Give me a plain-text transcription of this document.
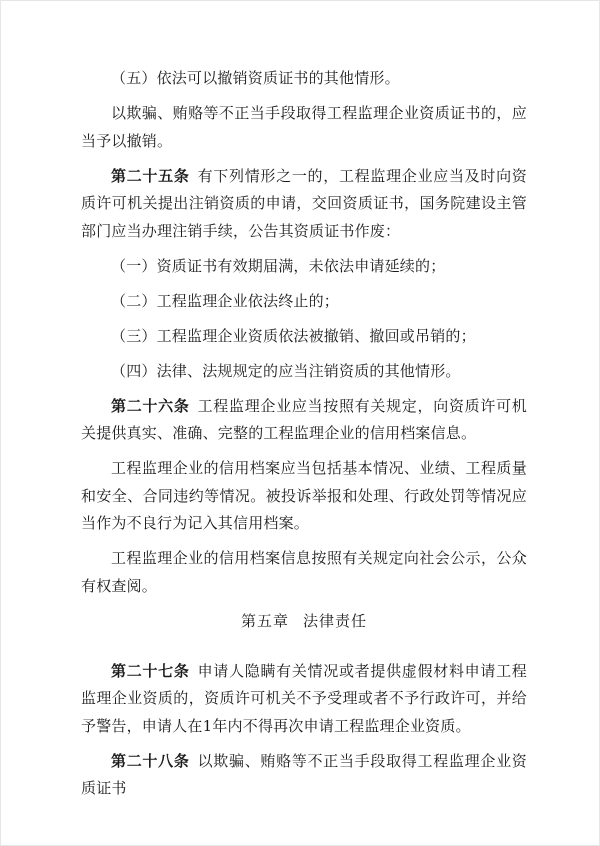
（五）依法可以撤销资质证书的其他情形。

以欺骗、贿赂等不正当手段取得工程监理企业资质证书的，应当予以撤销。

第二十五条 有下列情形之一的，工程监理企业应当及时向资质许可机关提出注销资质的申请，交回资质证书，国务院建设主管部门应当办理注销手续，公告其资质证书作废：

（一）资质证书有效期届满，未依法申请延续的；

（二）工程监理企业依法终止的；

（三）工程监理企业资质依法被撤销、撤回或吊销的；

（四）法律、法规规定的应当注销资质的其他情形。

第二十六条 工程监理企业应当按照有关规定，向资质许可机关提供真实、准确、完整的工程监理企业的信用档案信息。

工程监理企业的信用档案应当包括基本情况、业绩、工程质量和安全、合同违约等情况。被投诉举报和处理、行政处罚等情况应当作为不良行为记入其信用档案。

工程监理企业的信用档案信息按照有关规定向社会公示，公众有权查阅。

第五章 法律责任

第二十七条 申请人隐瞒有关情况或者提供虚假材料申请工程监理企业资质的，资质许可机关不予受理或者不予行政许可，并给予警告，申请人在1年内不得再次申请工程监理企业资质。

第二十八条 以欺骗、贿赂等不正当手段取得工程监理企业资质证书
